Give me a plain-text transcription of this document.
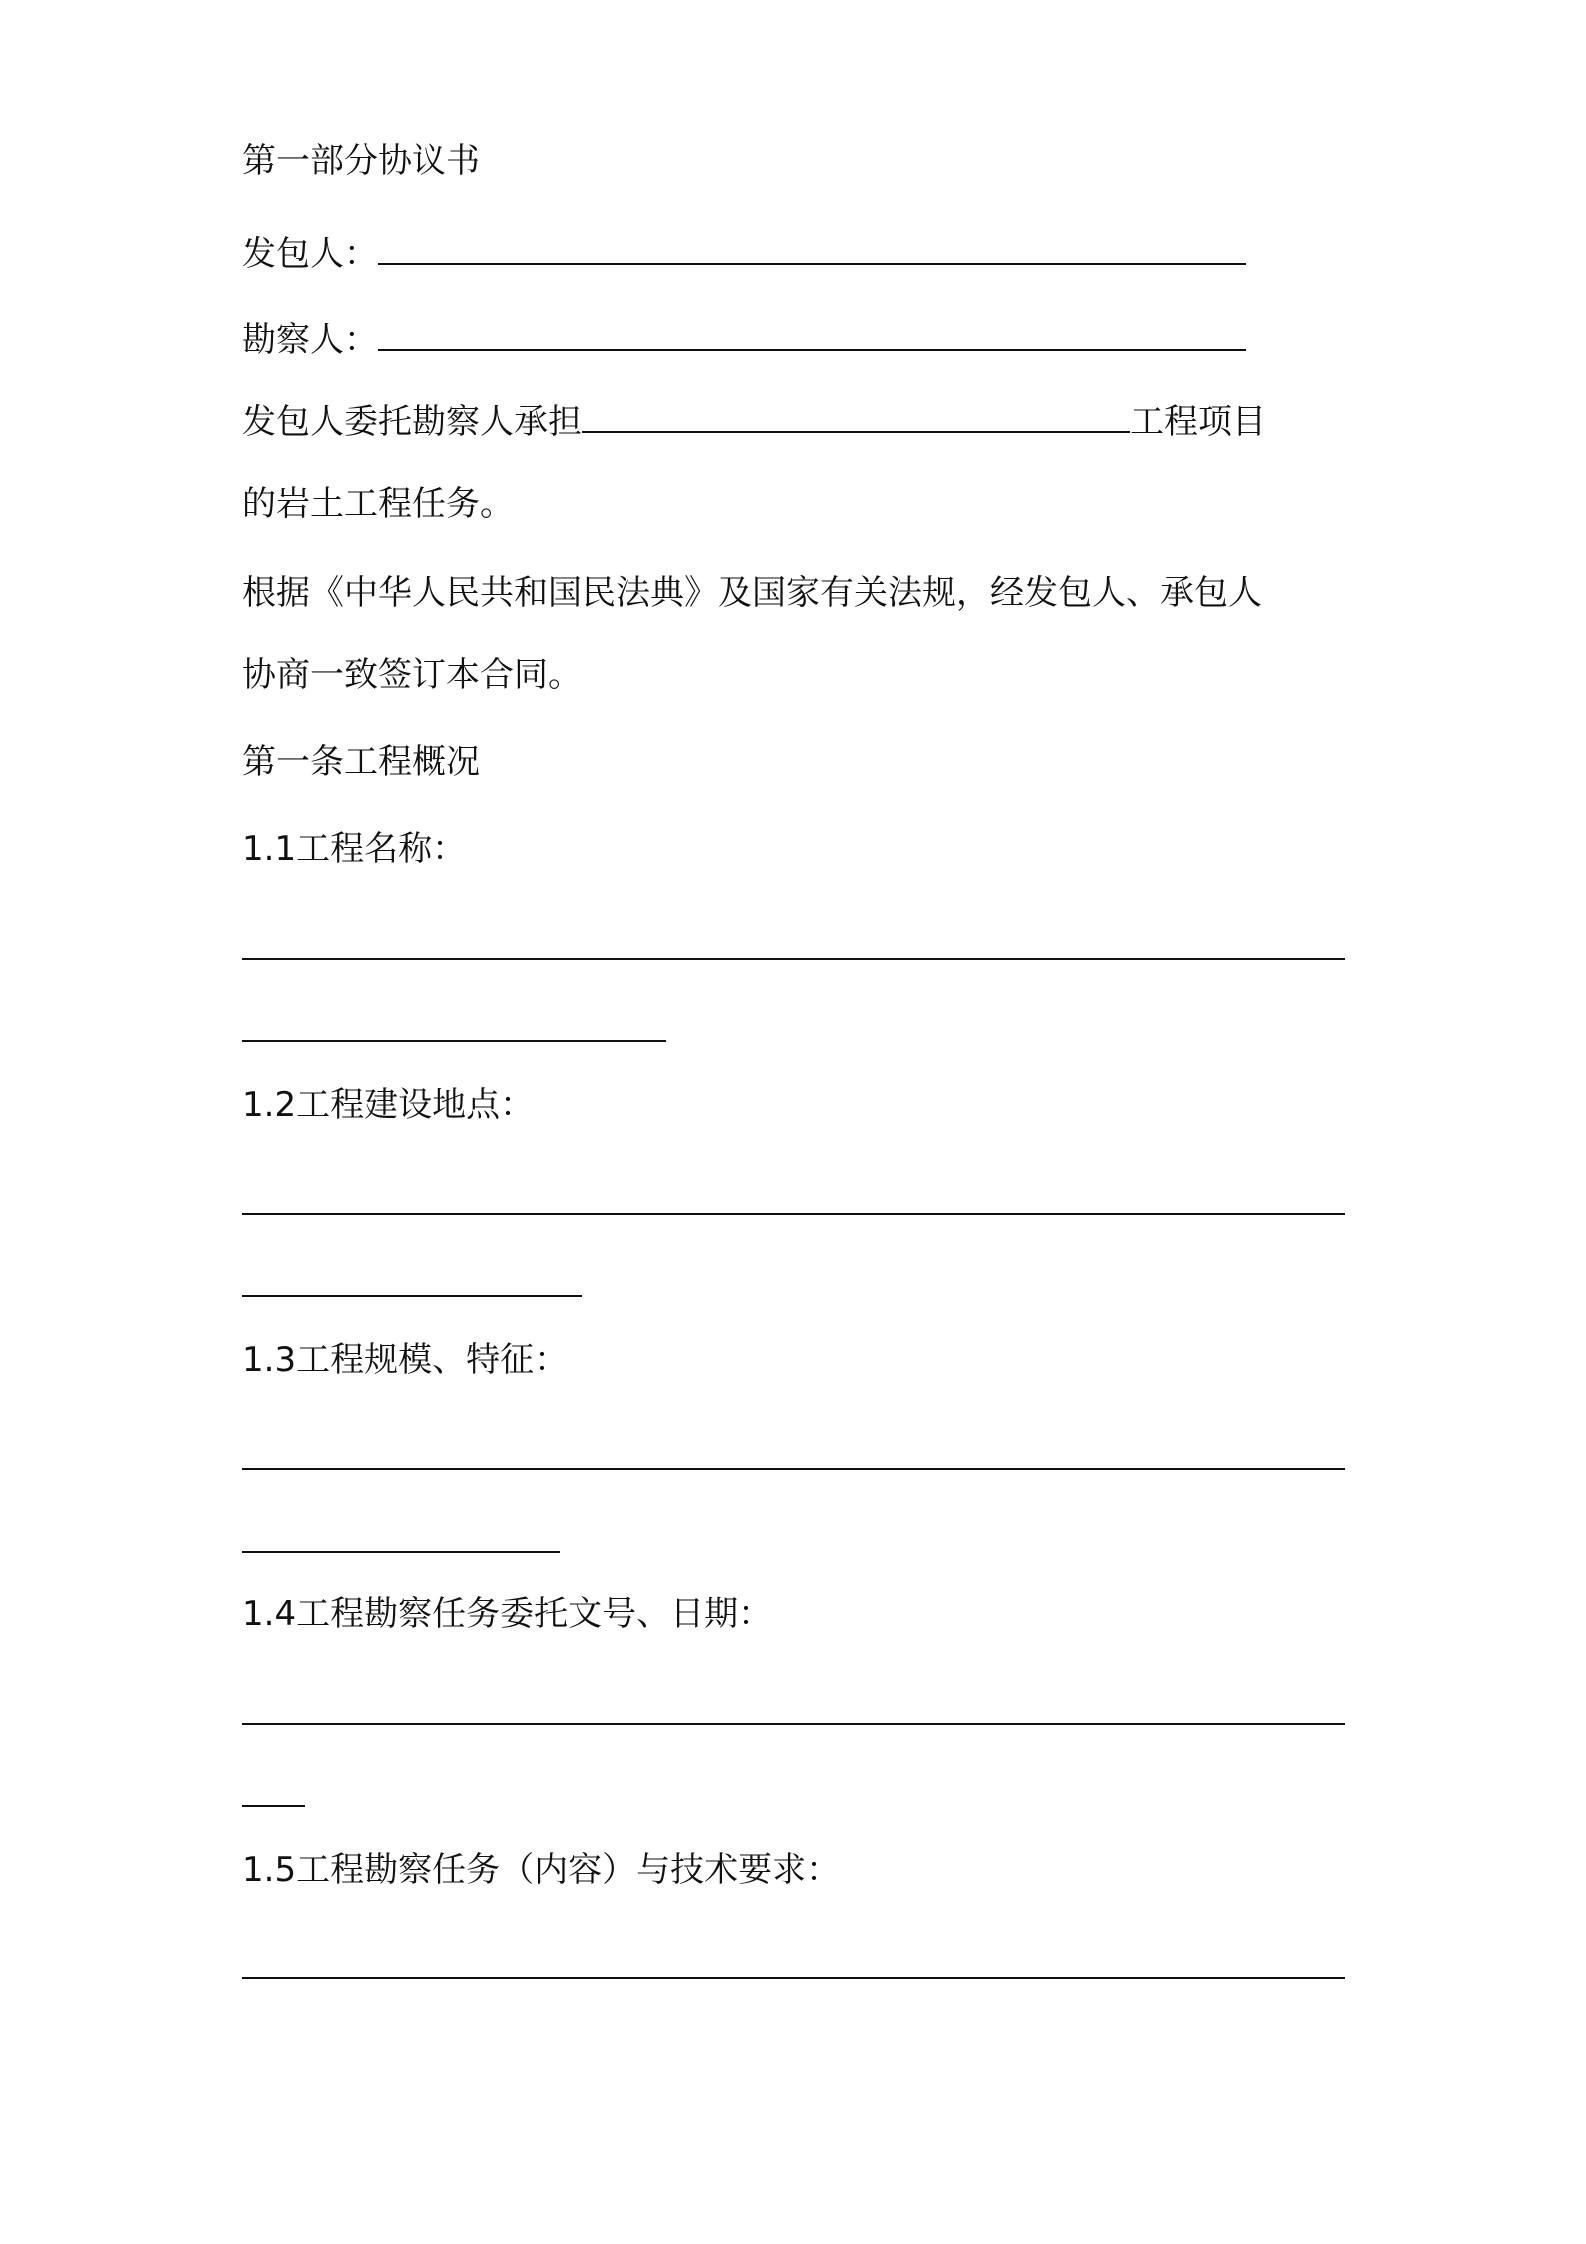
第一部分协议书
发包人：
勘察人：
发包人委托勘察人承担	工程项目
的岩土工程任务。
根据《中华人民共和国民法典》及国家有关法规，经发包人、承包人
协商一致签订本合同。
第一条工程概况
1.1工程名称：
1.2工程建设地点：
1.3工程规模、特征：
1.4工程勘察任务委托文号、日期：
1.5工程勘察任务（内容）与技术要求：
